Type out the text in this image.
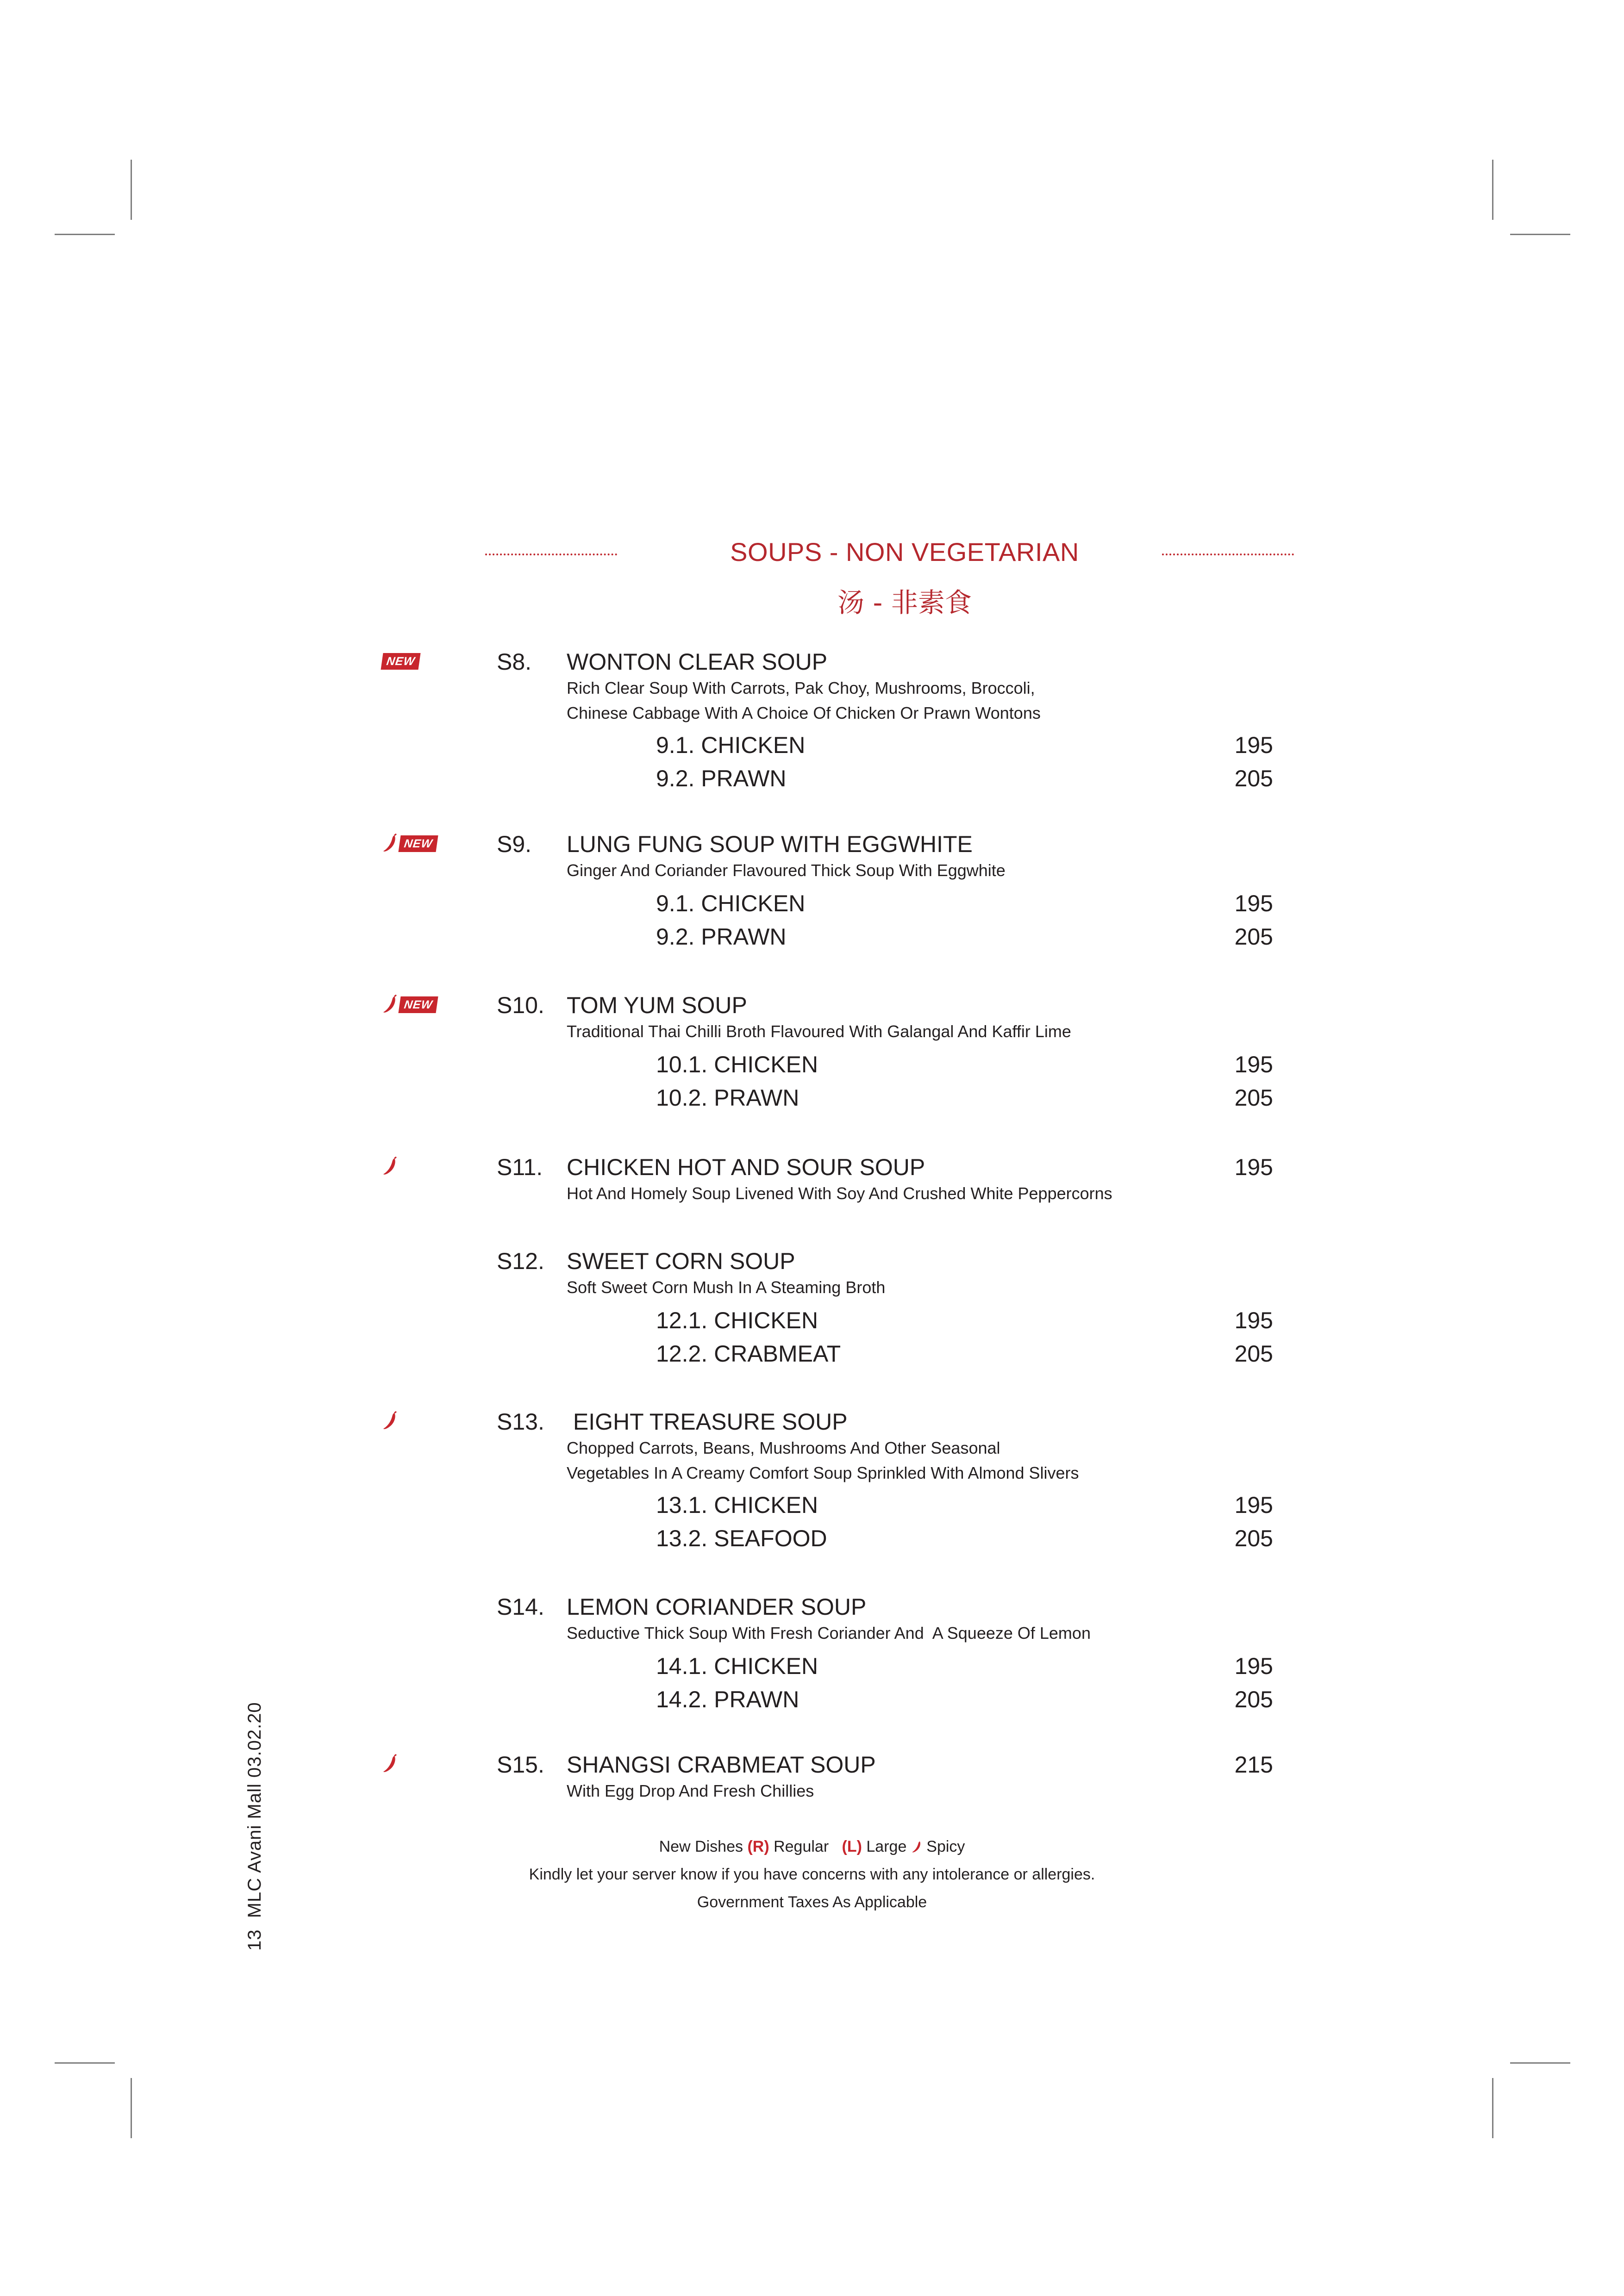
SOUPS - NON VEGETARIAN
汤 - 非素食
NEW	S8. WONTON CLEAR SOUP
Rich Clear Soup With Carrots, Pak Choy, Mushrooms, Broccoli,
Chinese Cabbage With A Choice Of Chicken Or Prawn Wontons
9.1. CHICKEN	195
9.2. PRAWN	205
NEW	S9. LUNG FUNG SOUP WITH EGGWHITE
Ginger And Coriander Flavoured Thick Soup With Eggwhite
9.1. CHICKEN	195
9.2. PRAWN	205
NEW	S10. TOM YUM SOUP
Traditional Thai Chilli Broth Flavoured With Galangal And Kaffir Lime
10.1. CHICKEN	195
10.2. PRAWN	205
S11. CHICKEN HOT AND SOUR SOUP	195
Hot And Homely Soup Livened With Soy And Crushed White Peppercorns
S12. SWEET CORN SOUP
Soft Sweet Corn Mush In A Steaming Broth
12.1. CHICKEN	195
12.2. CRABMEAT	205
S13. EIGHT TREASURE SOUP
Chopped Carrots, Beans, Mushrooms And Other Seasonal
Vegetables In A Creamy Comfort Soup Sprinkled With Almond Slivers
13.1. CHICKEN	195
13.2. SEAFOOD	205
S14. LEMON CORIANDER SOUP
Seductive Thick Soup With Fresh Coriander And  A Squeeze Of Lemon
14.1. CHICKEN	195
14.2. PRAWN	205
S15. SHANGSI CRABMEAT SOUP	215
With Egg Drop And Fresh Chillies
New Dishes (R) Regular (L) Large Spicy
Kindly let your server know if you have concerns with any intolerance or allergies.
Government Taxes As Applicable
13  MLC Avani Mall 03.02.20
